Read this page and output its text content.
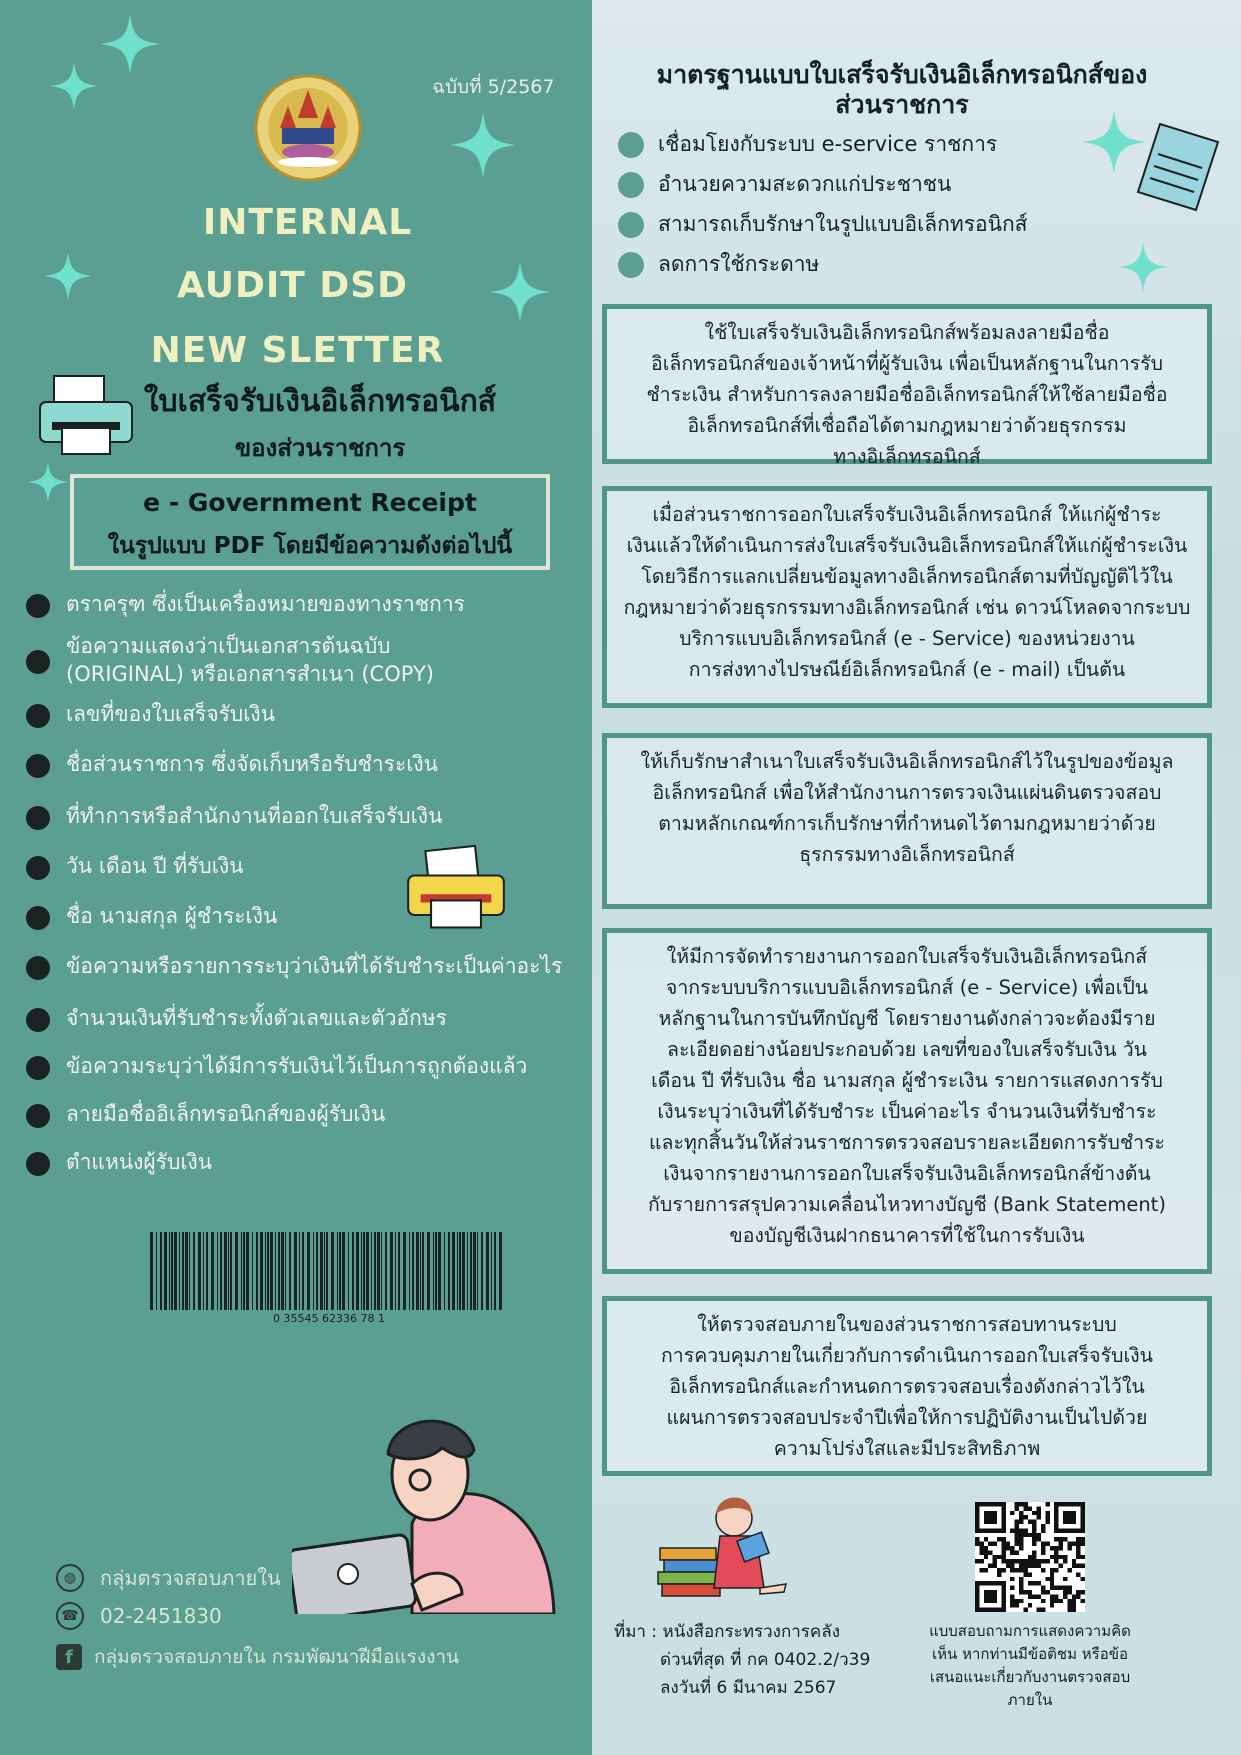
ฉบับที่ 5/2567
INTERNAL
AUDIT DSD
NEW SLETTER
ใบเสร็จรับเงินอิเล็กทรอนิกส์
ของส่วนราชการ
e - Government Receipt
ในรูปแบบ PDF โดยมีข้อความดังต่อไปนี้
ตราครุฑ ซึ่งเป็นเครื่องหมายของทางราชการ
ข้อความแสดงว่าเป็นเอกสารต้นฉบับ
(ORIGINAL) หรือเอกสารสำเนา (COPY)
เลขที่ของใบเสร็จรับเงิน
ชื่อส่วนราชการ ซึ่งจัดเก็บหรือรับชำระเงิน
ที่ทำการหรือสำนักงานที่ออกใบเสร็จรับเงิน
วัน เดือน ปี ที่รับเงิน
ชื่อ นามสกุล ผู้ชำระเงิน
ข้อความหรือรายการระบุว่าเงินที่ได้รับชำระเป็นค่าอะไร
จำนวนเงินที่รับชำระทั้งตัวเลขและตัวอักษร
ข้อความระบุว่าได้มีการรับเงินไว้เป็นการถูกต้องแล้ว
ลายมือชื่ออิเล็กทรอนิกส์ของผู้รับเงิน
ตำแหน่งผู้รับเงิน
0 35545 62336 78 1
◍	กลุ่มตรวจสอบภายใน
☎ 02-2451830
f	กลุ่มตรวจสอบภายใน กรมพัฒนาฝีมือแรงงาน
มาตรฐานแบบใบเสร็จรับเงินอิเล็กทรอนิกส์ของ
ส่วนราชการ
เชื่อมโยงกับระบบ e-service ราชการ
อำนวยความสะดวกแก่ประชาชน
สามารถเก็บรักษาในรูปแบบอิเล็กทรอนิกส์
ลดการใช้กระดาษ
ใช้ใบเสร็จรับเงินอิเล็กทรอนิกส์พร้อมลงลายมือชื่อ
อิเล็กทรอนิกส์ของเจ้าหน้าที่ผู้รับเงิน เพื่อเป็นหลักฐานในการรับ
ชำระเงิน สำหรับการลงลายมือชื่ออิเล็กทรอนิกส์ให้ใช้ลายมือชื่อ
อิเล็กทรอนิกส์ที่เชื่อถือได้ตามกฎหมายว่าด้วยธุรกรรม
ทางอิเล็กทรอนิกส์
เมื่อส่วนราชการออกใบเสร็จรับเงินอิเล็กทรอนิกส์ ให้แก่ผู้ชำระ
เงินแล้วให้ดำเนินการส่งใบเสร็จรับเงินอิเล็กทรอนิกส์ให้แก่ผู้ชำระเงิน
โดยวิธีการแลกเปลี่ยนข้อมูลทางอิเล็กทรอนิกส์ตามที่บัญญัติไว้ใน
กฎหมายว่าด้วยธุรกรรมทางอิเล็กทรอนิกส์ เช่น ดาวน์โหลดจากระบบ
บริการแบบอิเล็กทรอนิกส์ (e - Service) ของหน่วยงาน
การส่งทางไปรษณีย์อิเล็กทรอนิกส์ (e - mail) เป็นต้น
ให้เก็บรักษาสำเนาใบเสร็จรับเงินอิเล็กทรอนิกส์ไว้ในรูปของข้อมูล
อิเล็กทรอนิกส์ เพื่อให้สำนักงานการตรวจเงินแผ่นดินตรวจสอบ
ตามหลักเกณฑ์การเก็บรักษาที่กำหนดไว้ตามกฎหมายว่าด้วย
ธุรกรรมทางอิเล็กทรอนิกส์
ให้มีการจัดทำรายงานการออกใบเสร็จรับเงินอิเล็กทรอนิกส์
จากระบบบริการแบบอิเล็กทรอนิกส์ (e - Service) เพื่อเป็น
หลักฐานในการบันทึกบัญชี โดยรายงานดังกล่าวจะต้องมีราย
ละเอียดอย่างน้อยประกอบด้วย เลขที่ของใบเสร็จรับเงิน วัน
เดือน ปี ที่รับเงิน ชื่อ นามสกุล ผู้ชำระเงิน รายการแสดงการรับ
เงินระบุว่าเงินที่ได้รับชำระ เป็นค่าอะไร จำนวนเงินที่รับชำระ
และทุกสิ้นวันให้ส่วนราชการตรวจสอบรายละเอียดการรับชำระ
เงินจากรายงานการออกใบเสร็จรับเงินอิเล็กทรอนิกส์ข้างต้น
กับรายการสรุปความเคลื่อนไหวทางบัญชี (Bank Statement)
ของบัญชีเงินฝากธนาคารที่ใช้ในการรับเงิน
ให้ตรวจสอบภายในของส่วนราชการสอบทานระบบ
การควบคุมภายในเกี่ยวกับการดำเนินการออกใบเสร็จรับเงิน
อิเล็กทรอนิกส์และกำหนดการตรวจสอบเรื่องดังกล่าวไว้ใน
แผนการตรวจสอบประจำปีเพื่อให้การปฏิบัติงานเป็นไปด้วย
ความโปร่งใสและมีประสิทธิภาพ
ที่มา : หนังสือกระทรวงการคลัง
ด่วนที่สุด ที่ กค 0402.2/ว39
ลงวันที่ 6 มีนาคม 2567
แบบสอบถามการแสดงความคิด
เห็น หากท่านมีข้อติชม หรือข้อ
เสนอแนะเกี่ยวกับงานตรวจสอบ
ภายใน
